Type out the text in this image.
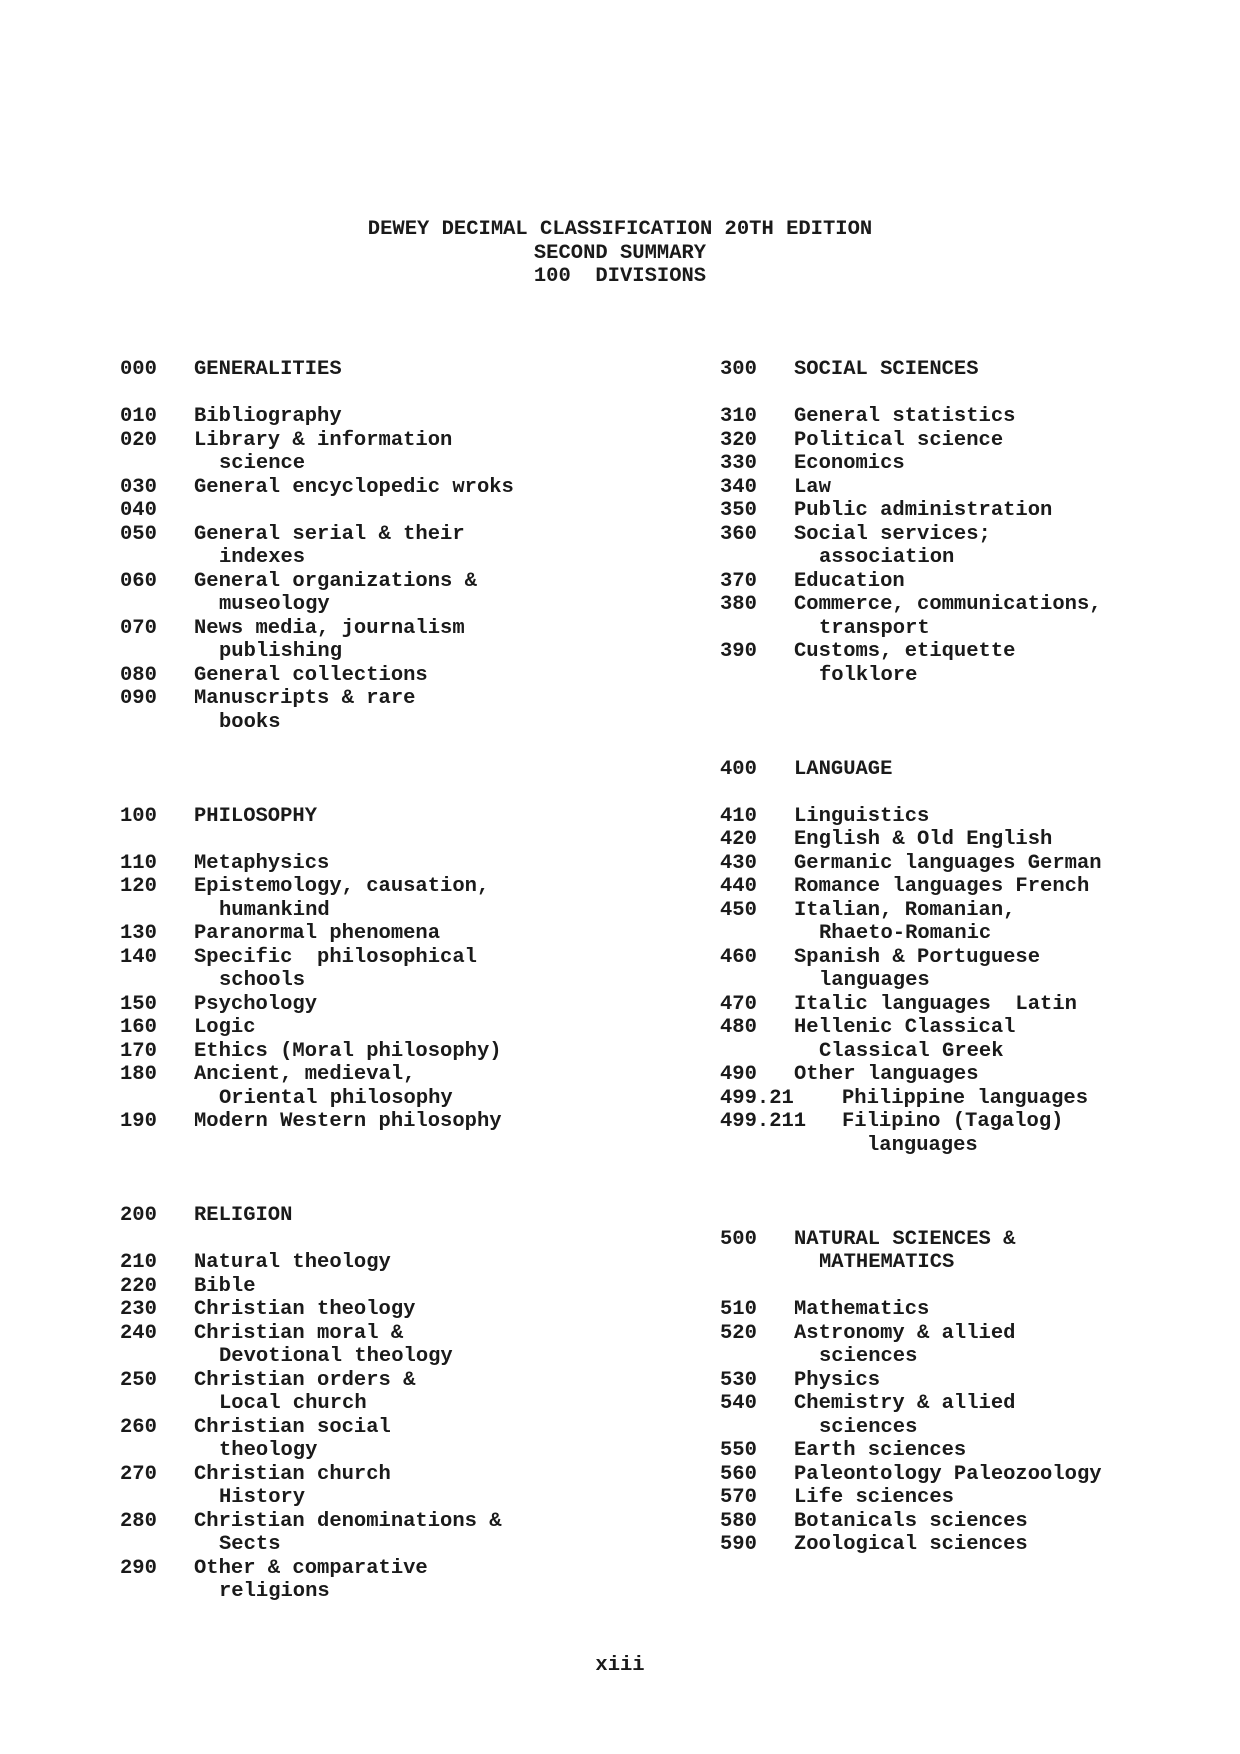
DEWEY DECIMAL CLASSIFICATION 20TH EDITION
SECOND SUMMARY
100  DIVISIONS
000	GENERALITIES
010	Bibliography
020	Library & information
science
030	General encyclopedic wroks
040
050	General serial & their
indexes
060	General organizations &
museology
070	News media, journalism
publishing
080	General collections
090	Manuscripts & rare
books
100	PHILOSOPHY
110	Metaphysics
120	Epistemology, causation,
humankind
130	Paranormal phenomena
140	Specific  philosophical
schools
150	Psychology
160	Logic
170	Ethics (Moral philosophy)
180	Ancient, medieval,
Oriental philosophy
190	Modern Western philosophy
200	RELIGION
210	Natural theology
220	Bible
230	Christian theology
240	Christian moral &
Devotional theology
250	Christian orders &
Local church
260	Christian social
theology
270	Christian church
History
280	Christian denominations &
Sects
290	Other & comparative
religions
300	SOCIAL SCIENCES
310	General statistics
320	Political science
330	Economics
340	Law
350	Public administration
360	Social services;
association
370	Education
380	Commerce, communications,
transport
390	Customs, etiquette
folklore
400	LANGUAGE
410	Linguistics
420	English & Old English
430	Germanic languages German
440	Romance languages French
450	Italian, Romanian,
Rhaeto-Romanic
460	Spanish & Portuguese
languages
470	Italic languages  Latin
480	Hellenic Classical
Classical Greek
490	Other languages
499.21	Philippine languages
499.211	Filipino (Tagalog)
languages
500	NATURAL SCIENCES &
MATHEMATICS
510	Mathematics
520	Astronomy & allied
sciences
530	Physics
540	Chemistry & allied
sciences
550	Earth sciences
560	Paleontology Paleozoology
570	Life sciences
580	Botanicals sciences
590	Zoological sciences
xiii
